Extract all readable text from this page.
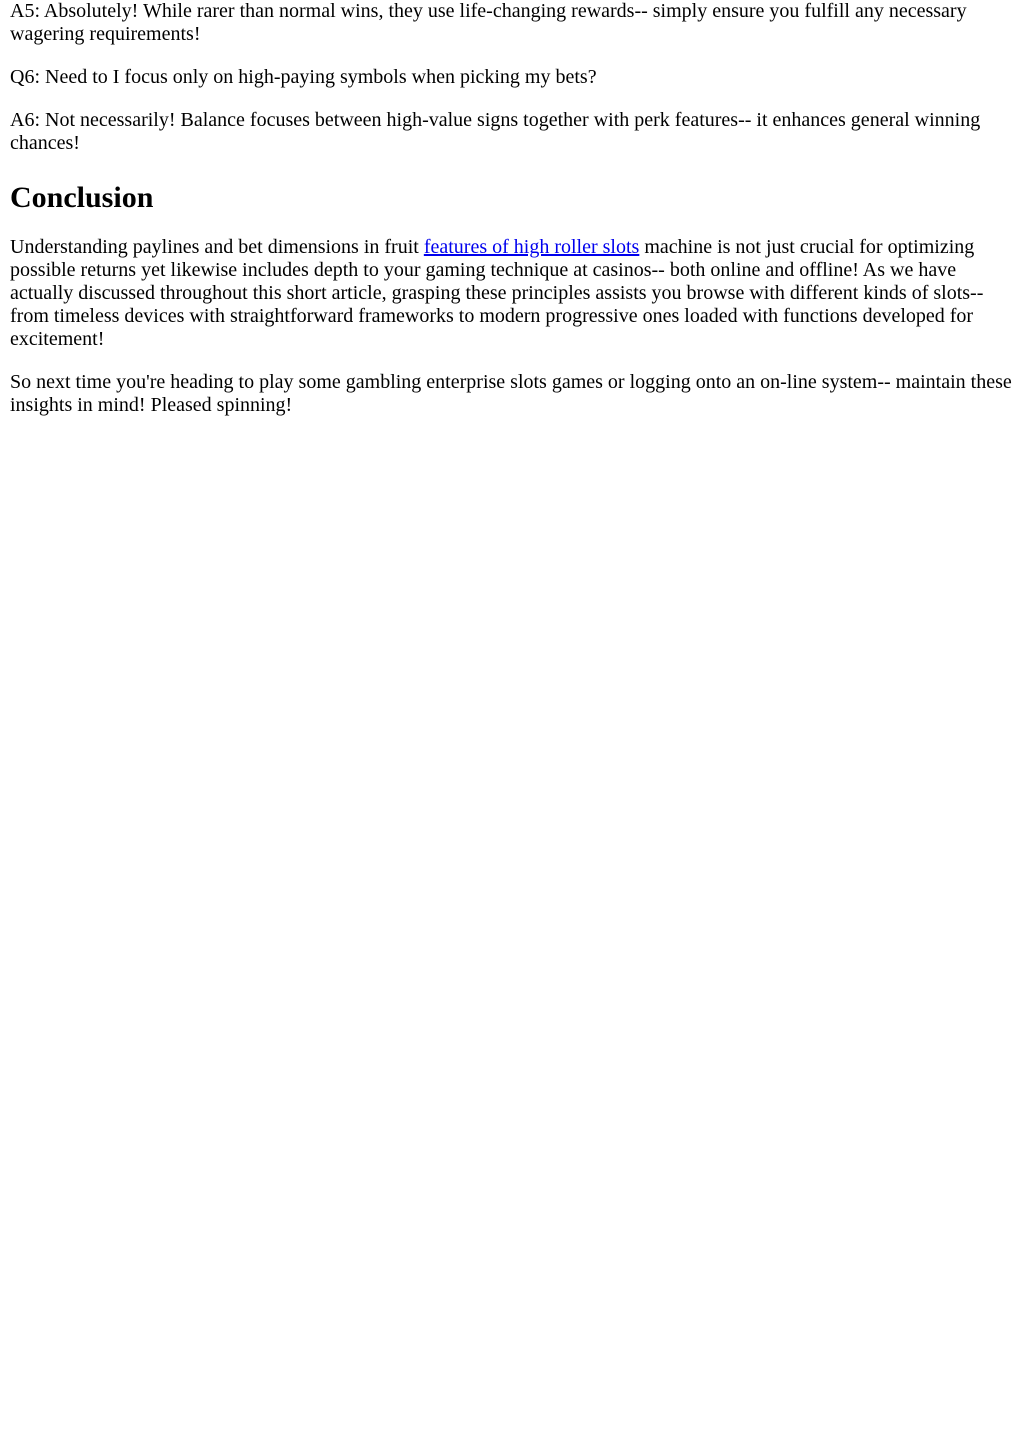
A5: Absolutely! While rarer than normal wins, they use life-changing rewards-- simply ensure you fulfill any necessary wagering requirements!

Q6: Need to I focus only on high-paying symbols when picking my bets?

A6: Not necessarily! Balance focuses between high-value signs together with perk features-- it enhances general winning chances!

Conclusion

Understanding paylines and bet dimensions in fruit features of high roller slots machine is not just crucial for optimizing possible returns yet likewise includes depth to your gaming technique at casinos-- both online and offline! As we have actually discussed throughout this short article, grasping these principles assists you browse with different kinds of slots-- from timeless devices with straightforward frameworks to modern progressive ones loaded with functions developed for excitement!

So next time you're heading to play some gambling enterprise slots games or logging onto an on-line system-- maintain these insights in mind! Pleased spinning!
